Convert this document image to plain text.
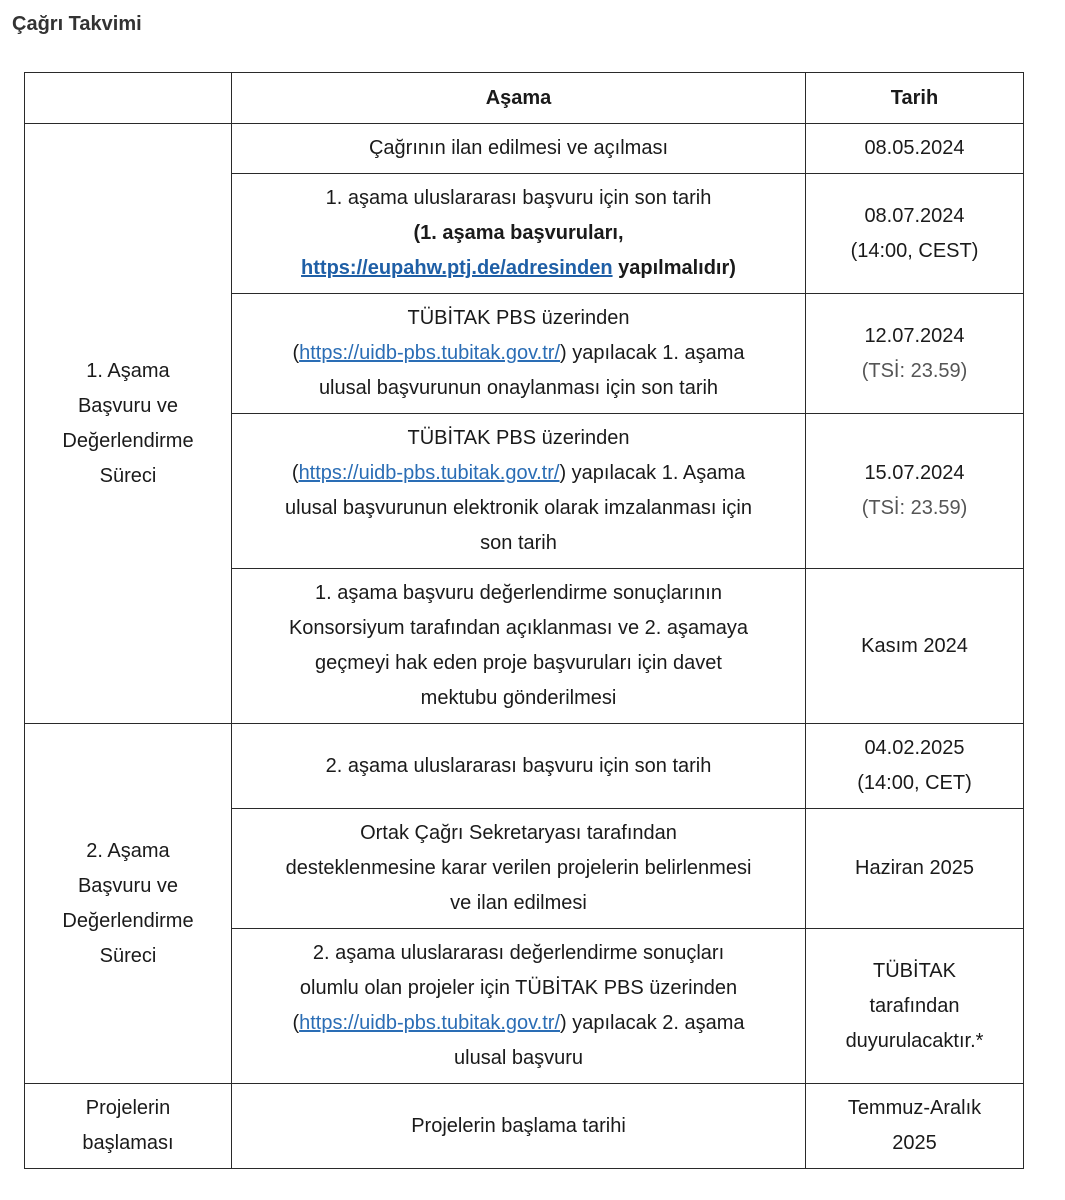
Çağrı Takvimi
	Aşama	Tarih

1. Aşama
Başvuru ve
Değerlendirme
Süreci	Çağrının ilan edilmesi ve açılması	08.05.2024

	1. aşama uluslararası başvuru için son tarih
(1. aşama başvuruları,
https://eupahw.ptj.de/adresinden yapılmalıdır)	08.07.2024
(14:00, CEST)

	TÜBİTAK PBS üzerinden
(https://uidb-pbs.tubitak.gov.tr/) yapılacak 1. aşama
ulusal başvurunun onaylanması için son tarih	12.07.2024
(TSİ: 23.59)

	TÜBİTAK PBS üzerinden
(https://uidb-pbs.tubitak.gov.tr/) yapılacak 1. Aşama
ulusal başvurunun elektronik olarak imzalanması için
son tarih	15.07.2024
(TSİ: 23.59)

	1. aşama başvuru değerlendirme sonuçlarının
Konsorsiyum tarafından açıklanması ve 2. aşamaya
geçmeyi hak eden proje başvuruları için davet
mektubu gönderilmesi	Kasım 2024

2. Aşama
Başvuru ve
Değerlendirme
Süreci	2. aşama uluslararası başvuru için son tarih	04.02.2025
(14:00, CET)

	Ortak Çağrı Sekretaryası tarafından
desteklenmesine karar verilen projelerin belirlenmesi
ve ilan edilmesi	Haziran 2025

	2. aşama uluslararası değerlendirme sonuçları
olumlu olan projeler için TÜBİTAK PBS üzerinden
(https://uidb-pbs.tubitak.gov.tr/) yapılacak 2. aşama
ulusal başvuru	TÜBİTAK
tarafından
duyurulacaktır.*

Projelerin
başlaması	Projelerin başlama tarihi	Temmuz-Aralık
2025
